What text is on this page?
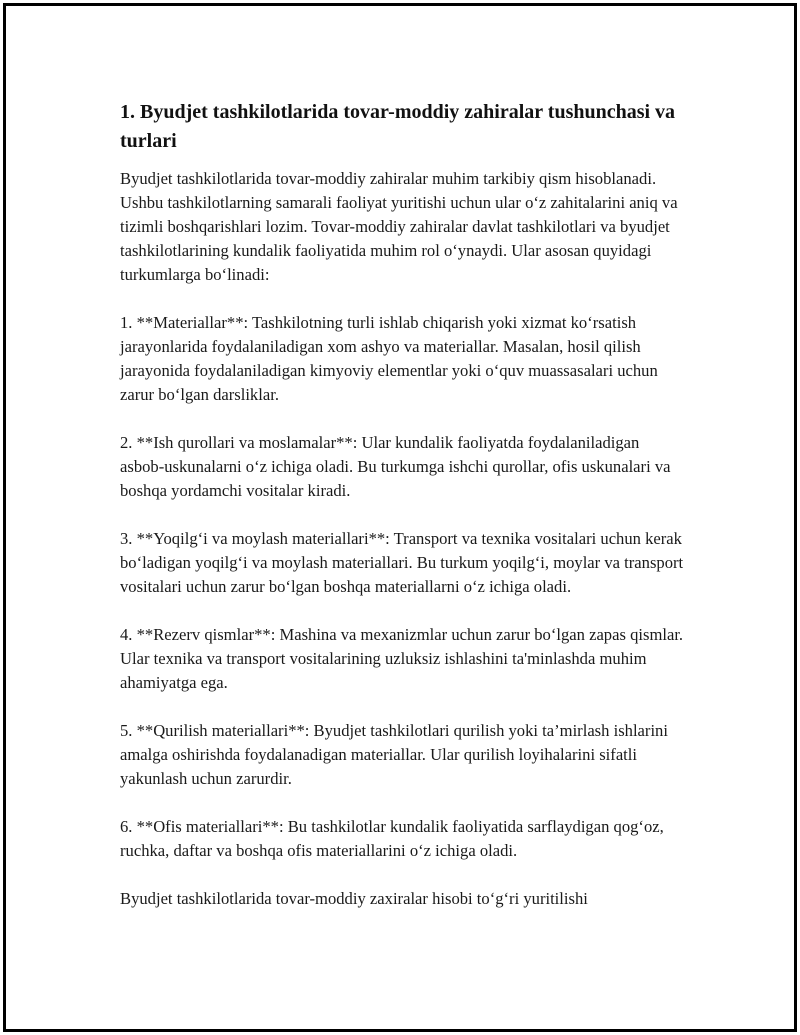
1. Byudjet tashkilotlarida tovar-moddiy zahiralar tushunchasi va turlari

Byudjet tashkilotlarida tovar-moddiy zahiralar muhim tarkibiy qism hisoblanadi. Ushbu tashkilotlarning samarali faoliyat yuritishi uchun ular o‘z zahitalarini aniq va tizimli boshqarishlari lozim. Tovar-moddiy zahiralar davlat tashkilotlari va byudjet tashkilotlarining kundalik faoliyatida muhim rol o‘ynaydi. Ular asosan quyidagi turkumlarga bo‘linadi:

1. **Materiallar**: Tashkilotning turli ishlab chiqarish yoki xizmat ko‘rsatish jarayonlarida foydalaniladigan xom ashyo va materiallar. Masalan, hosil qilish jarayonida foydalaniladigan kimyoviy elementlar yoki o‘quv muassasalari uchun zarur bo‘lgan darsliklar.

2. **Ish qurollari va moslamalar**: Ular kundalik faoliyatda foydalaniladigan asbob-uskunalarni o‘z ichiga oladi. Bu turkumga ishchi qurollar, ofis uskunalari va boshqa yordamchi vositalar kiradi.

3. **Yoqilg‘i va moylash materiallari**: Transport va texnika vositalari uchun kerak bo‘ladigan yoqilg‘i va moylash materiallari. Bu turkum yoqilg‘i, moylar va transport vositalari uchun zarur bo‘lgan boshqa materiallarni o‘z ichiga oladi.

4. **Rezerv qismlar**: Mashina va mexanizmlar uchun zarur bo‘lgan zapas qismlar. Ular texnika va transport vositalarining uzluksiz ishlashini ta'minlashda muhim ahamiyatga ega.

5. **Qurilish materiallari**: Byudjet tashkilotlari qurilish yoki ta’mirlash ishlarini amalga oshirishda foydalanadigan materiallar. Ular qurilish loyihalarini sifatli yakunlash uchun zarurdir.

6. **Ofis materiallari**: Bu tashkilotlar kundalik faoliyatida sarflaydigan qog‘oz, ruchka, daftar va boshqa ofis materiallarini o‘z ichiga oladi.

Byudjet tashkilotlarida tovar-moddiy zaxiralar hisobi to‘g‘ri yuritilishi
